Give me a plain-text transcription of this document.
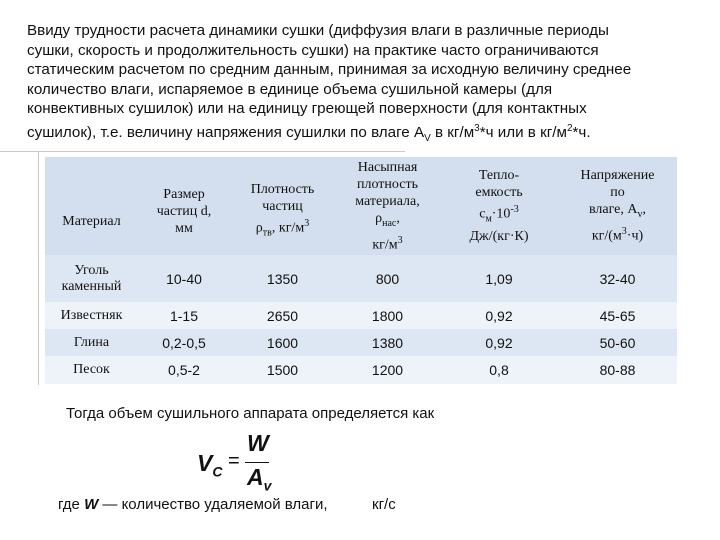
Ввиду трудности расчета динамики сушки (диффузия влаги в различные периоды
сушки, скорость и продолжительность сушки) на практике часто ограничиваются
статическим расчетом по средним данным, принимая за исходную величину среднее
количество влаги, испаряемое в единице объема сушильной камеры (для
конвективных сушилок) или на единицу греющей поверхности (для контактных
сушилок), т.е. величину напряжения сушилки по влаге $А_V$ в $кг/м^3*ч$ или в $кг/м^2*ч$.
Материал	Размер
частиц d,
мм	Плотность
частиц
$\rho_{тв}$, $кг/м^3$	Насыпная
плотность
материала,
$\rho_{нас}$,
$кг/м^3$	Тепло-
емкость
$с_м\cdot 10^{-3}$
Дж/(кг·К)	Напряжение
по
влаге, $А_v$,
$кг/(м^3\cdot ч)$

Уголь
каменный	10-40	1350	800	1,09	32-40
Известняк	1-15	2650	1800	0,92	45-65
Глина	0,2-0,5	1600	1380	0,92	50-60
Песок	0,5-2	1500	1200	0,8	80-88
Тогда объем сушильного аппарата определяется как
$V_C$ =
W
$A_v$
где W — количество удаляемой влаги,	кг/с
